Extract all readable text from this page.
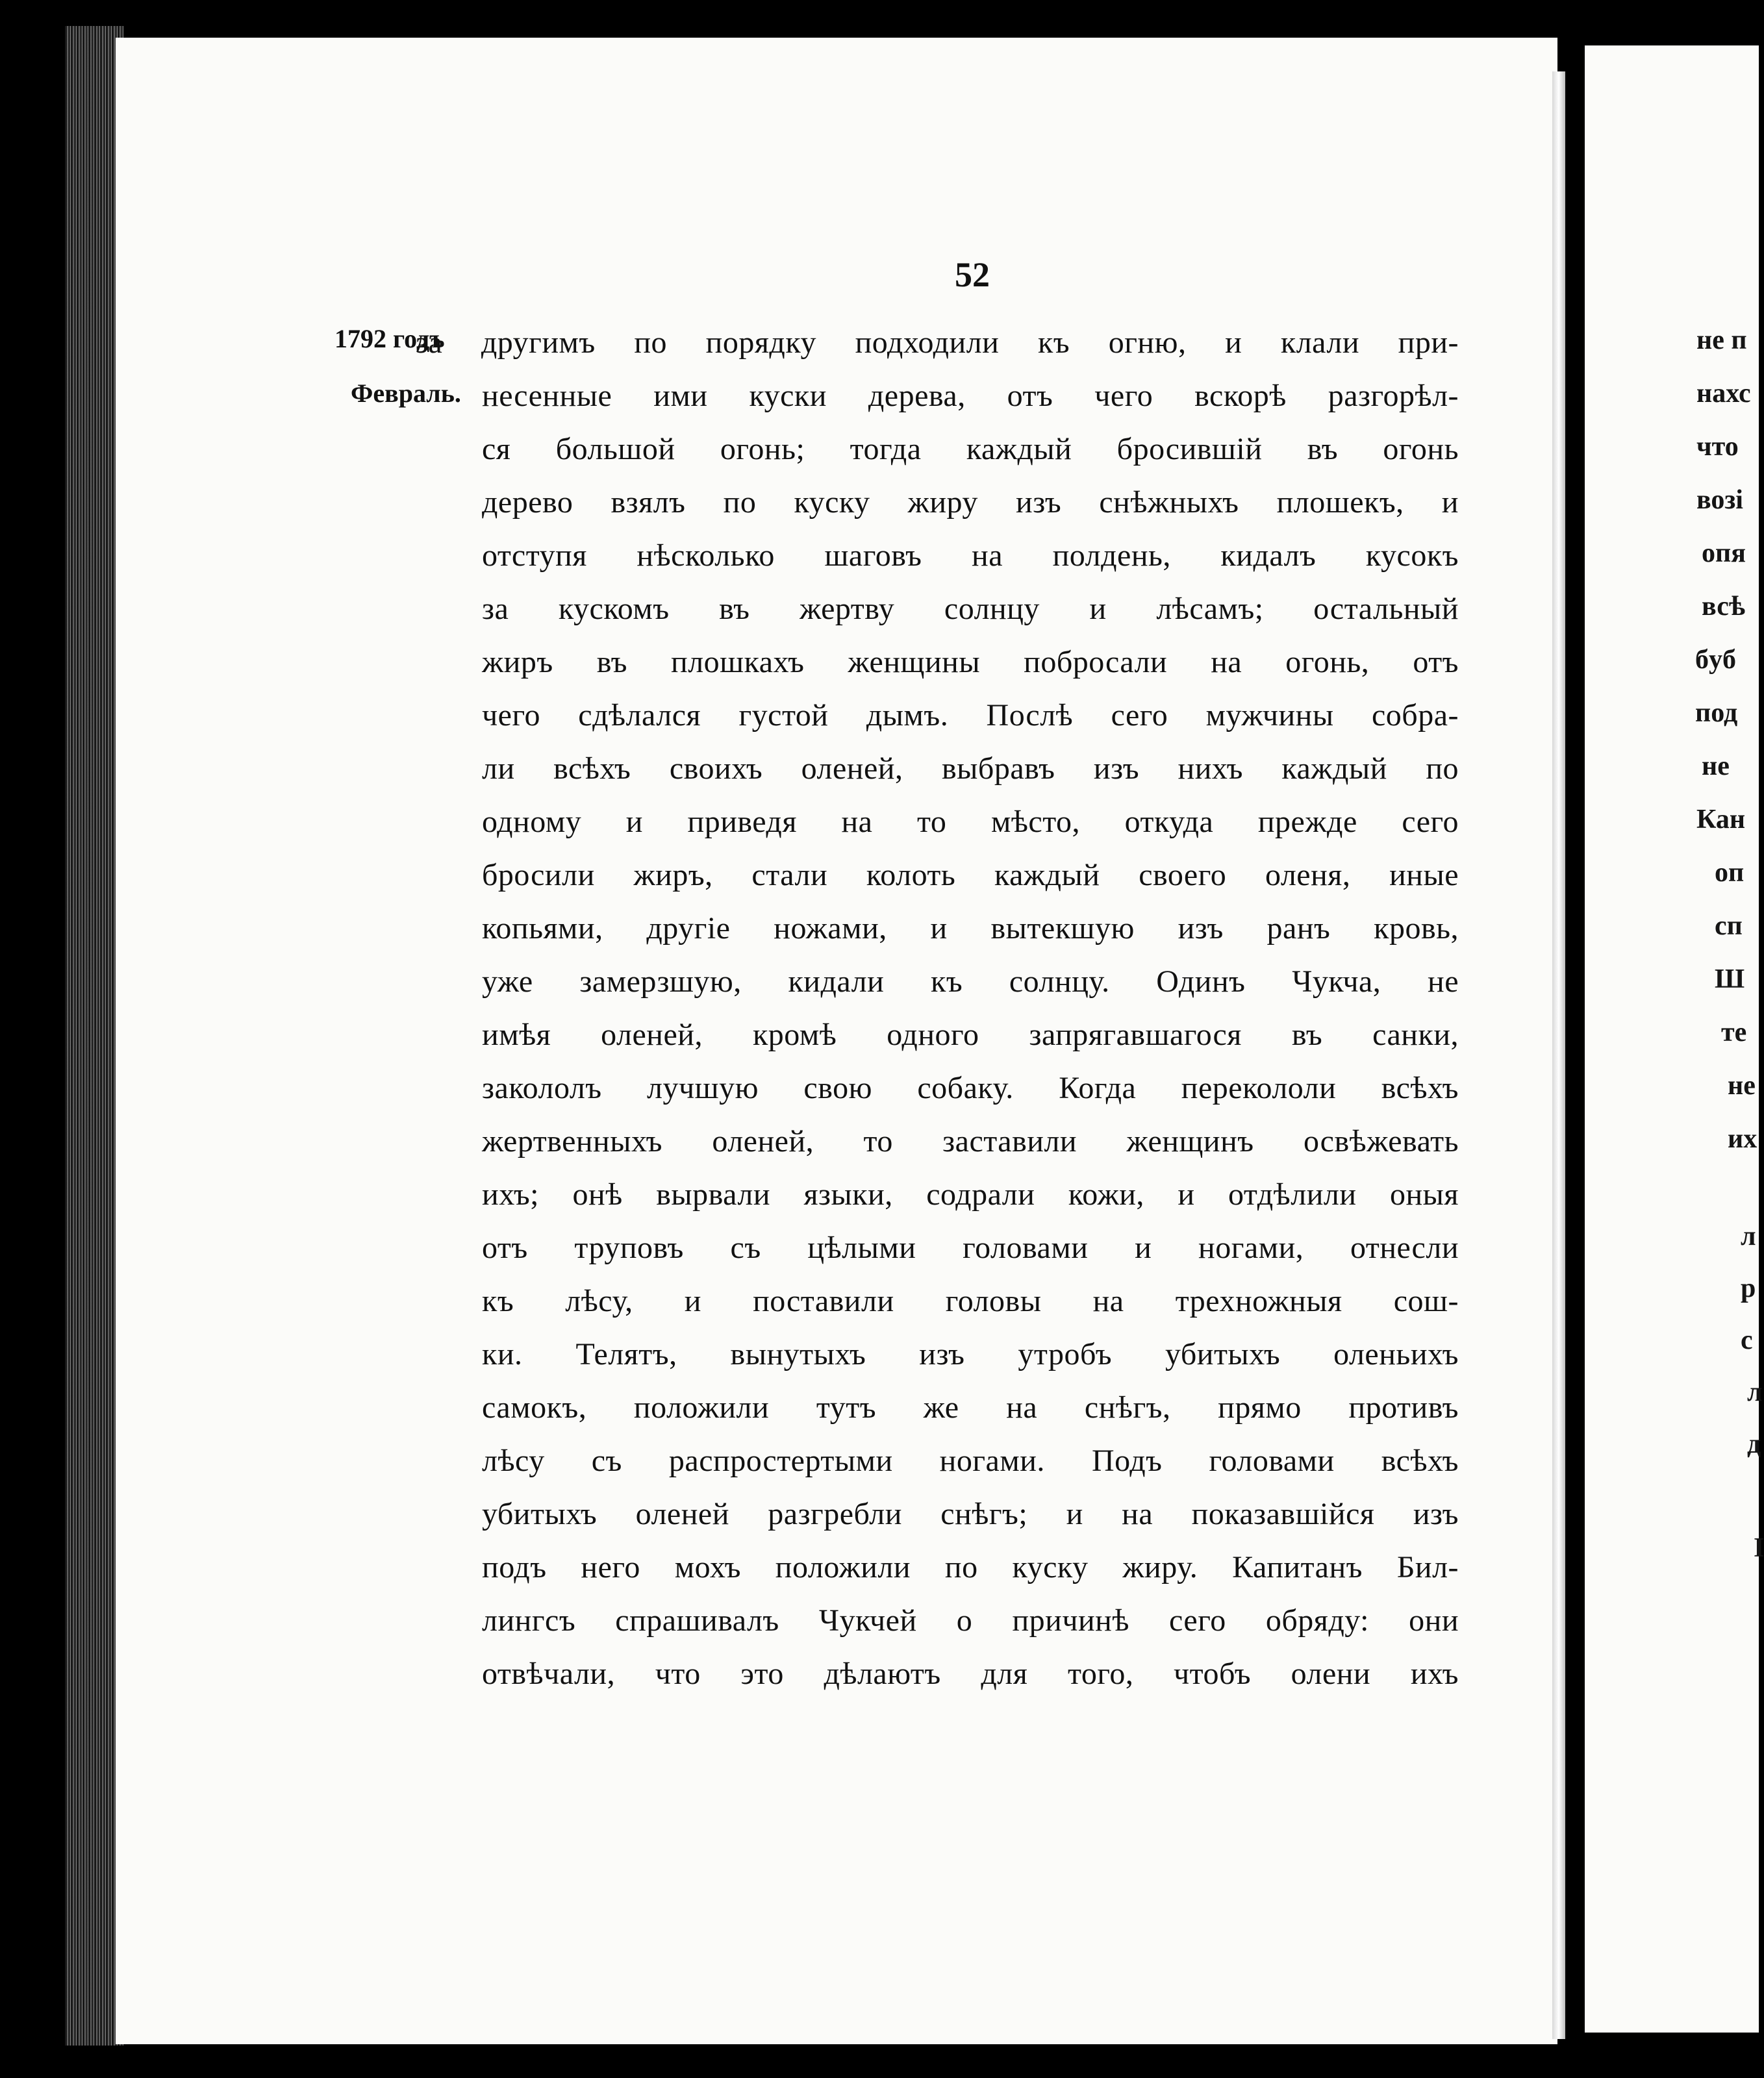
52
1792 годъ
Февраль.
за другимъ по порядку подходили къ огню, и клали при-
несенные ими куски дерева, отъ чего вскорѣ разгорѣл-
ся большой огонь; тогда каждый бросившій въ огонь
дерево взялъ по куску жиру изъ снѣжныхъ плошекъ, и
отступя нѣсколько шаговъ на полдень, кидалъ кусокъ
за кускомъ въ жертву солнцу и лѣсамъ; остальный
жиръ въ плошкахъ женщины побросали на огонь, отъ
чего сдѣлался густой дымъ. Послѣ сего мужчины собра-
ли всѣхъ своихъ оленей, выбравъ изъ нихъ каждый по
одному и приведя на то мѣсто, откуда прежде сего
бросили жиръ, стали колоть каждый своего оленя, иные
копьями, другіе ножами, и вытекшую изъ ранъ кровь,
уже замерзшую, кидали къ солнцу. Одинъ Чукча, не
имѣя оленей, кромѣ одного запрягавшагося въ санки,
закололъ лучшую свою собаку. Когда перекололи всѣхъ
жертвенныхъ оленей, то заставили женщинъ освѣжевать
ихъ; онѣ вырвали языки, содрали кожи, и отдѣлили оныя
отъ труповъ съ цѣлыми головами и ногами, отнесли
къ лѣсу, и поставили головы на трехножныя сош-
ки. Телятъ, вынутыхъ изъ утробъ убитыхъ оленьихъ
самокъ, положили тутъ же на снѣгъ, прямо противъ
лѣсу съ распростертыми ногами. Подъ головами всѣхъ
убитыхъ оленей разгребли снѣгъ; и на показавшійся изъ
подъ него мохъ положили по куску жиру. Капитанъ Бил-
лингсъ спрашивалъ Чукчей о причинѣ сего обряду: они
отвѣчали, что это дѣлаютъ для того, чтобъ олени ихъ
не п
нахс
что
возі
опя
всѣ
бyб
под
не
Кан
оп
сп
Ш
те
не
их
л
р
с
л
д
І
